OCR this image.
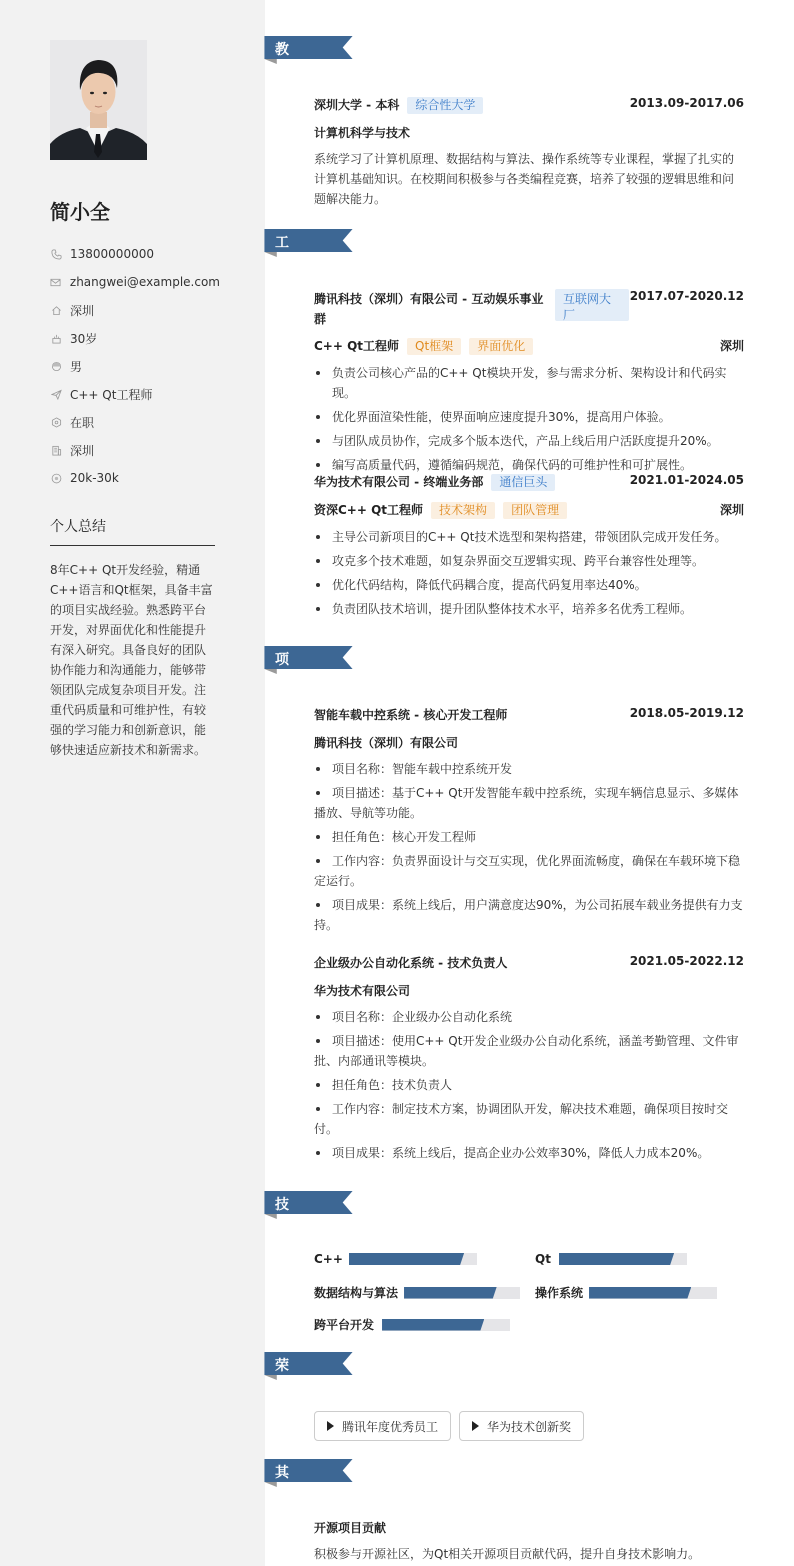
简小全
13800000000
zhangwei@example.com
深圳
30岁
男
C++ Qt工程师
在职
深圳
20k-30k
个人总结
8年C++ Qt开发经验，精通C++语言和Qt框架，具备丰富的项目实战经验。熟悉跨平台开发，对界面优化和性能提升有深入研究。具备良好的团队协作能力和沟通能力，能够带领团队完成复杂项目开发。注重代码质量和可维护性，有较强的学习能力和创新意识，能够快速适应新技术和新需求。
教育经历
深圳大学 - 本科 综合性大学	2013.09-2017.06
计算机科学与技术
系统学习了计算机原理、数据结构与算法、操作系统等专业课程，掌握了扎实的计算机基础知识。在校期间积极参与各类编程竞赛，培养了较强的逻辑思维和问题解决能力。
工作经历
腾讯科技（深圳）有限公司 - 互动娱乐事业群
互联网大厂
2017.07-2020.12
C++ Qt工程师 Qt框架 界面优化	深圳
负责公司核心产品的C++ Qt模块开发，参与需求分析、架构设计和代码实现。
优化界面渲染性能，使界面响应速度提升30%，提高用户体验。
与团队成员协作，完成多个版本迭代，产品上线后用户活跃度提升20%。
编写高质量代码，遵循编码规范，确保代码的可维护性和可扩展性。
华为技术有限公司 - 终端业务部 通信巨头	2021.01-2024.05
资深C++ Qt工程师 技术架构 团队管理	深圳
主导公司新项目的C++ Qt技术选型和架构搭建，带领团队完成开发任务。
攻克多个技术难题，如复杂界面交互逻辑实现、跨平台兼容性处理等。
优化代码结构，降低代码耦合度，提高代码复用率达40%。
负责团队技术培训，提升团队整体技术水平，培养多名优秀工程师。
项目经历
智能车载中控系统 - 核心开发工程师	2018.05-2019.12
腾讯科技（深圳）有限公司
项目名称：智能车载中控系统开发
项目描述：基于C++ Qt开发智能车载中控系统，实现车辆信息显示、多媒体播放、导航等功能。
担任角色：核心开发工程师
工作内容：负责界面设计与交互实现，优化界面流畅度，确保在车载环境下稳定运行。
项目成果：系统上线后，用户满意度达90%，为公司拓展车载业务提供有力支持。
企业级办公自动化系统 - 技术负责人	2021.05-2022.12
华为技术有限公司
项目名称：企业级办公自动化系统
项目描述：使用C++ Qt开发企业级办公自动化系统，涵盖考勤管理、文件审批、内部通讯等模块。
担任角色：技术负责人
工作内容：制定技术方案，协调团队开发，解决技术难题，确保项目按时交付。
项目成果：系统上线后，提高企业办公效率30%，降低人力成本20%。
技能专长
C++	Qt
数据结构与算法	操作系统
跨平台开发
荣誉奖项
腾讯年度优秀员工	华为技术创新奖
其他信息
开源项目贡献
积极参与开源社区，为Qt相关开源项目贡献代码，提升自身技术影响力。
